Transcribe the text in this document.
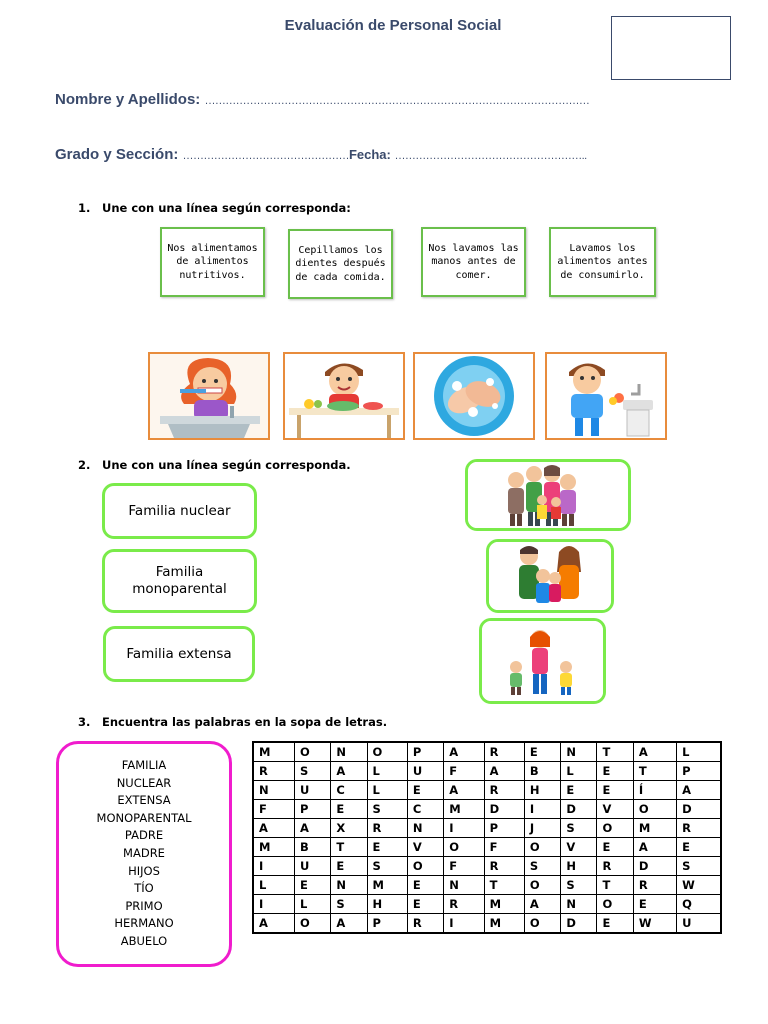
Evaluación de Personal Social
Nombre y Apellidos: …………………………………………………………………………………………………
Grado y Sección: …………………………………………Fecha: ………………………………………………..
1. Une con una línea según corresponda:
Nos alimentamos de alimentos nutritivos.
Cepillamos los dientes después de cada comida.
Nos lavamos las manos antes de comer.
Lavamos los alimentos antes de consumirlo.
2. Une con una línea según corresponda.
Familia nuclear
Familia monoparental
Familia extensa
3. Encuentra las palabras en la sopa de letras.
FAMILIA
NUCLEAR
EXTENSA
MONOPARENTAL
PADRE
MADRE
HIJOS
TÍO
PRIMO
HERMANO
ABUELO
M	O	N	O	P	A	R	E	N	T	A	L
R	S	A	L	U	F	A	B	L	E	T	P
N	U	C	L	E	A	R	H	E	E	Í	A
F	P	E	S	C	M	D	I	D	V	O	D
A	A	X	R	N	I	P	J	S	O	M	R
M	B	T	E	V	O	F	O	V	E	A	E
I	U	E	S	O	F	R	S	H	R	D	S
L	E	N	M	E	N	T	O	S	T	R	W
I	L	S	H	E	R	M	A	N	O	E	Q
A	O	A	P	R	I	M	O	D	E	W	U
